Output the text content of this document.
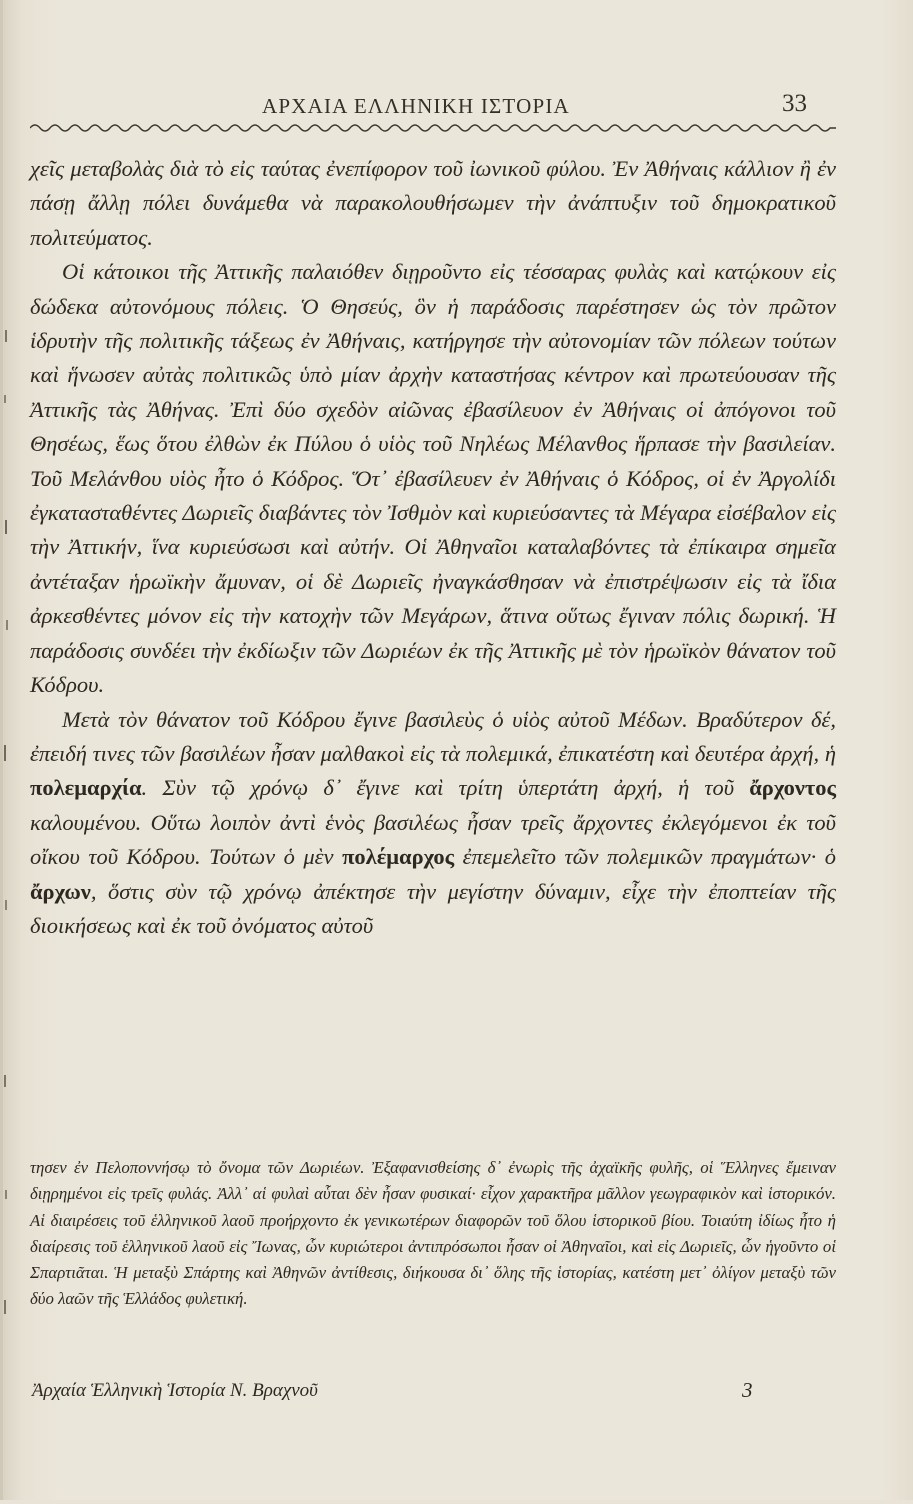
ΑΡΧΑΙΑ ΕΛΛΗΝΙΚΗ ΙΣΤΟΡΙΑ	33

χεῖς μεταβολὰς διὰ τὸ εἰς ταύτας ἐνεπίφορον τοῦ ἰωνικοῦ φύλου. Ἐν Ἀθήναις κάλλιον ἢ ἐν πάσῃ ἄλλῃ πόλει δυνάμεθα νὰ παρακολουθήσωμεν τὴν ἀνάπτυξιν τοῦ δημοκρατικοῦ πολιτεύματος.

Οἱ κάτοικοι τῆς Ἀττικῆς παλαιόθεν διῃροῦντο εἰς τέσσαρας φυλὰς καὶ κατῴκουν εἰς δώδεκα αὐτονόμους πόλεις. Ὁ Θησεύς, ὃν ἡ παράδοσις παρέστησεν ὡς τὸν πρῶτον ἱδρυτὴν τῆς πολιτικῆς τάξεως ἐν Ἀθήναις, κατήργησε τὴν αὐτονομίαν τῶν πόλεων τούτων καὶ ἥνωσεν αὐτὰς πολιτικῶς ὑπὸ μίαν ἀρχὴν καταστήσας κέντρον καὶ πρωτεύουσαν τῆς Ἀττικῆς τὰς Ἀθήνας. Ἐπὶ δύο σχεδὸν αἰῶνας ἐβασίλευον ἐν Ἀθήναις οἱ ἀπόγονοι τοῦ Θησέως, ἕως ὅτου ἐλθὼν ἐκ Πύλου ὁ υἱὸς τοῦ Νηλέως Μέλανθος ἥρπασε τὴν βασιλείαν. Τοῦ Μελάνθου υἱὸς ἦτο ὁ Κόδρος. Ὅτ᾽ ἐβασίλευεν ἐν Ἀθήναις ὁ Κόδρος, οἱ ἐν Ἀργολίδι ἐγκατασταθέντες Δωριεῖς διαβάντες τὸν Ἰσθμὸν καὶ κυριεύσαντες τὰ Μέγαρα εἰσέβαλον εἰς τὴν Ἀττικήν, ἵνα κυριεύσωσι καὶ αὐτήν. Οἱ Ἀθηναῖοι καταλαβόντες τὰ ἐπίκαιρα σημεῖα ἀντέταξαν ἡρωϊκὴν ἄμυναν, οἱ δὲ Δωριεῖς ἠναγκάσθησαν νὰ ἐπιστρέψωσιν εἰς τὰ ἴδια ἀρκεσθέντες μόνον εἰς τὴν κατοχὴν τῶν Μεγάρων, ἅτινα οὕτως ἔγιναν πόλις δωρική. Ἡ παράδοσις συνδέει τὴν ἐκδίωξιν τῶν Δωριέων ἐκ τῆς Ἀττικῆς μὲ τὸν ἡρωϊκὸν θάνατον τοῦ Κόδρου.

Μετὰ τὸν θάνατον τοῦ Κόδρου ἔγινε βασιλεὺς ὁ υἱὸς αὐτοῦ Μέδων. Βραδύτερον δέ, ἐπειδή τινες τῶν βασιλέων ἦσαν μαλθακοὶ εἰς τὰ πολεμικά, ἐπικατέστη καὶ δευτέρα ἀρχή, ἡ πολεμαρχία. Σὺν τῷ χρόνῳ δ᾽ ἔγινε καὶ τρίτη ὑπερτάτη ἀρχή, ἡ τοῦ ἄρχοντος καλουμένου. Οὕτω λοιπὸν ἀντὶ ἑνὸς βασιλέως ἦσαν τρεῖς ἄρχοντες ἐκλεγόμενοι ἐκ τοῦ οἴκου τοῦ Κόδρου. Τούτων ὁ μὲν πολέμαρχος ἐπεμελεῖτο τῶν πολεμικῶν πραγμάτων· ὁ ἄρχων, ὅστις σὺν τῷ χρόνῳ ἀπέκτησε τὴν μεγίστην δύναμιν, εἶχε τὴν ἐποπτείαν τῆς διοικήσεως καὶ ἐκ τοῦ ὀνόματος αὐτοῦ

τησεν ἐν Πελοποννήσῳ τὸ ὄνομα τῶν Δωριέων. Ἐξαφανισθείσης δ᾽ ἐνωρὶς τῆς ἀχαϊκῆς φυλῆς, οἱ Ἕλληνες ἔμειναν διῃρημένοι εἰς τρεῖς φυλάς. Ἀλλ᾽ αἱ φυλαὶ αὗται δὲν ἦσαν φυσικαί· εἶχον χαρακτῆρα μᾶλλον γεωγραφικὸν καὶ ἱστορικόν. Αἱ διαιρέσεις τοῦ ἑλληνικοῦ λαοῦ προήρχοντο ἐκ γενικωτέρων διαφορῶν τοῦ ὅλου ἱστορικοῦ βίου. Τοιαύτη ἰδίως ἦτο ἡ διαίρεσις τοῦ ἑλληνικοῦ λαοῦ εἰς Ἴωνας, ὧν κυριώτεροι ἀντιπρόσωποι ἦσαν οἱ Ἀθηναῖοι, καὶ εἰς Δωριεῖς, ὧν ἡγοῦντο οἱ Σπαρτιᾶται. Ἡ μεταξὺ Σπάρτης καὶ Ἀθηνῶν ἀντίθεσις, διήκουσα δι᾽ ὅλης τῆς ἱστορίας, κατέστη μετ᾽ ὀλίγον μεταξὺ τῶν δύο λαῶν τῆς Ἑλλάδος φυλετική.

Ἀρχαία Ἑλληνικὴ Ἱστορία Ν. Βραχνοῦ	3
